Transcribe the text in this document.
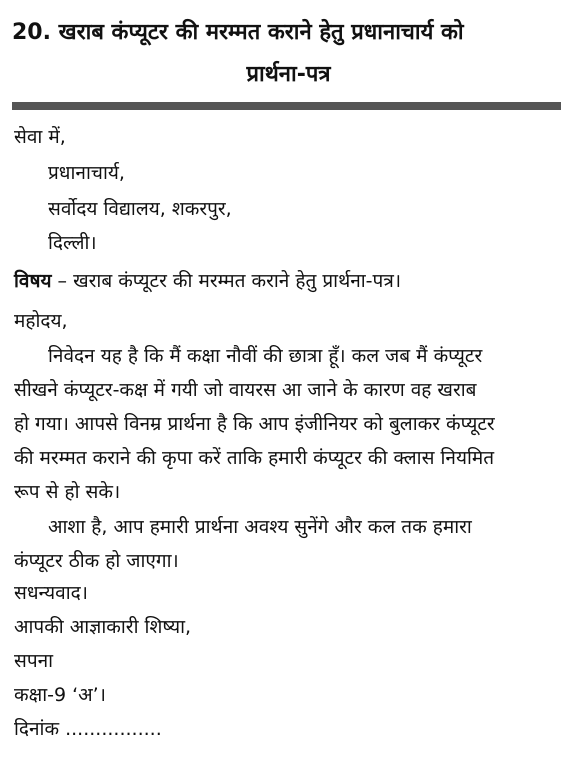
20. खराब कंप्यूटर की मरम्मत कराने हेतु प्रधानाचार्य को
प्रार्थना-पत्र
सेवा में,
प्रधानाचार्य,
सर्वोदय विद्यालय, शकरपुर,
दिल्ली।
विषय – खराब कंप्यूटर की मरम्मत कराने हेतु प्रार्थना-पत्र।
महोदय,
निवेदन यह है कि मैं कक्षा नौवीं की छात्रा हूँ। कल जब मैं कंप्यूटर
सीखने कंप्यूटर-कक्ष में गयी जो वायरस आ जाने के कारण वह खराब
हो गया। आपसे विनम्र प्रार्थना है कि आप इंजीनियर को बुलाकर कंप्यूटर
की मरम्मत कराने की कृपा करें ताकि हमारी कंप्यूटर की क्लास नियमित
रूप से हो सके।
आशा है, आप हमारी प्रार्थना अवश्य सुनेंगे और कल तक हमारा
कंप्यूटर ठीक हो जाएगा।
सधन्यवाद।
आपकी आज्ञाकारी शिष्या,
सपना
कक्षा-9 ‘अ’।
दिनांक ................
